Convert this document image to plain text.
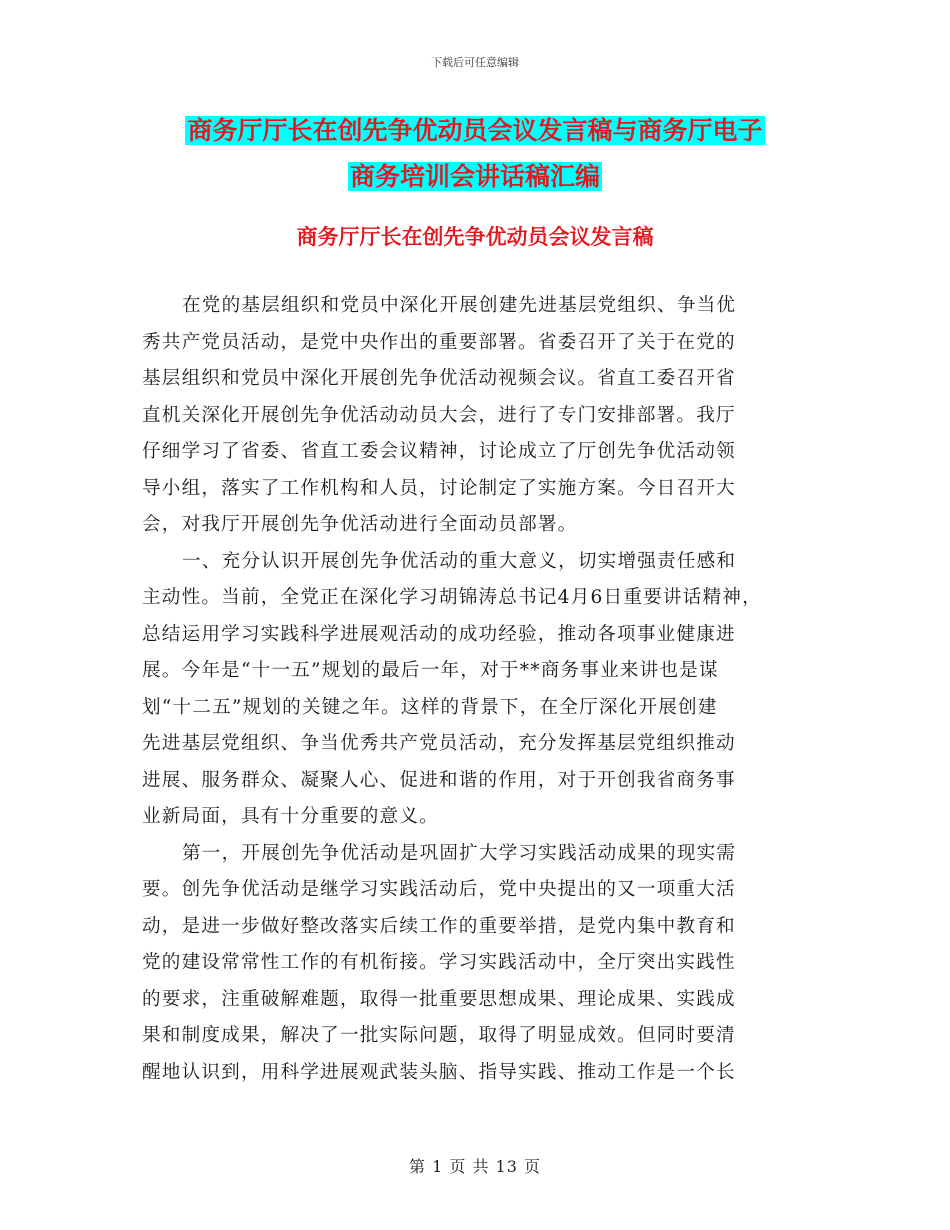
下载后可任意编辑
商务厅厅长在创先争优动员会议发言稿与商务厅电子
商务培训会讲话稿汇编
商务厅厅长在创先争优动员会议发言稿
在党的基层组织和党员中深化开展创建先进基层党组织、争当优
秀共产党员活动，是党中央作出的重要部署。省委召开了关于在党的
基层组织和党员中深化开展创先争优活动视频会议。省直工委召开省
直机关深化开展创先争优活动动员大会，进行了专门安排部署。我厅
仔细学习了省委、省直工委会议精神，讨论成立了厅创先争优活动领
导小组，落实了工作机构和人员，讨论制定了实施方案。今日召开大
会，对我厅开展创先争优活动进行全面动员部署。
一、充分认识开展创先争优活动的重大意义，切实增强责任感和
主动性。当前，全党正在深化学习胡锦涛总书记4月6日重要讲话精神，
总结运用学习实践科学进展观活动的成功经验，推动各项事业健康进
展。今年是“十一五”规划的最后一年，对于**商务事业来讲也是谋
划“十二五”规划的关键之年。这样的背景下，在全厅深化开展创建
先进基层党组织、争当优秀共产党员活动，充分发挥基层党组织推动
进展、服务群众、凝聚人心、促进和谐的作用，对于开创我省商务事
业新局面，具有十分重要的意义。
第一，开展创先争优活动是巩固扩大学习实践活动成果的现实需
要。创先争优活动是继学习实践活动后，党中央提出的又一项重大活
动，是进一步做好整改落实后续工作的重要举措，是党内集中教育和
党的建设常常性工作的有机衔接。学习实践活动中，全厅突出实践性
的要求，注重破解难题，取得一批重要思想成果、理论成果、实践成
果和制度成果，解决了一批实际问题，取得了明显成效。但同时要清
醒地认识到，用科学进展观武装头脑、指导实践、推动工作是一个长
第 1 页 共 13 页
